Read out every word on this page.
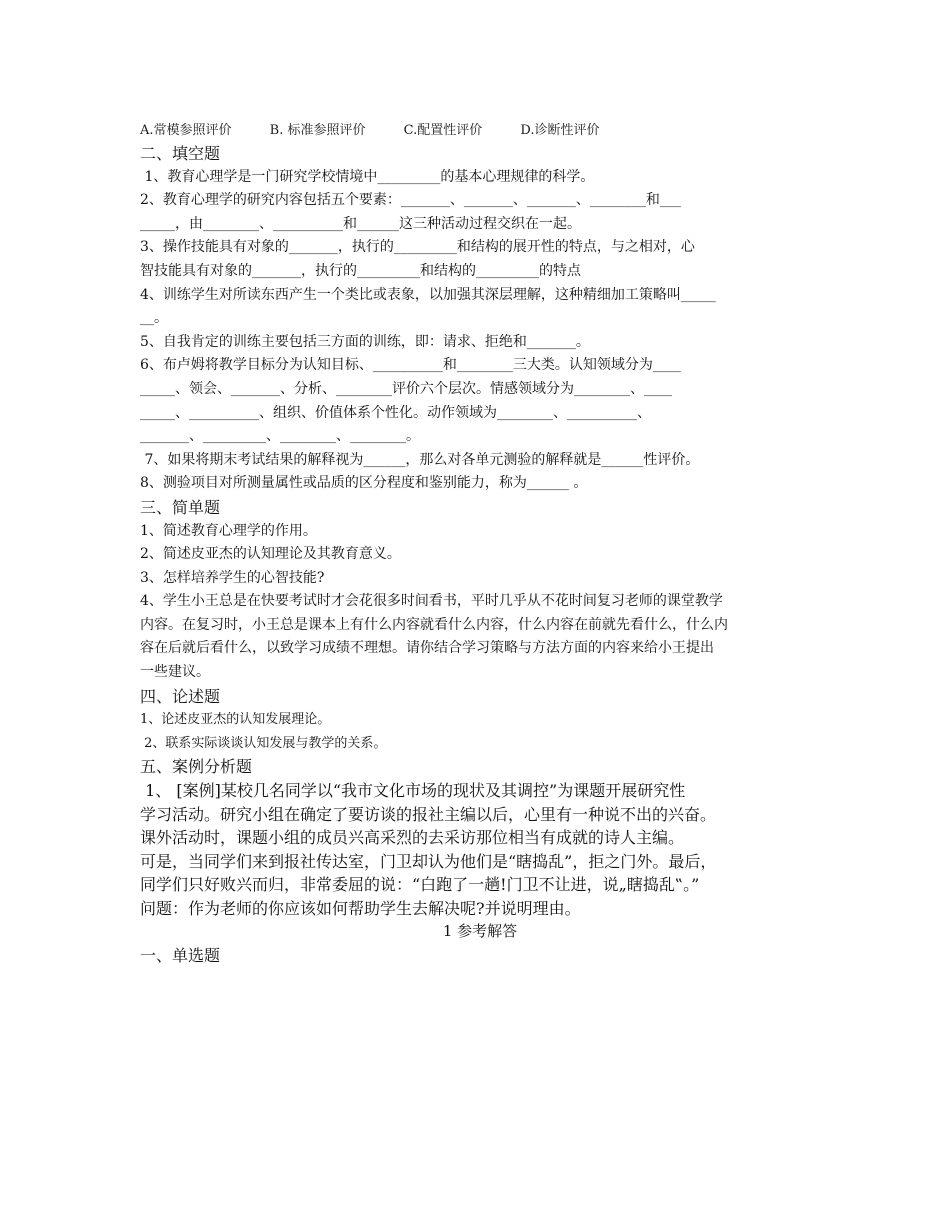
A.常模参照评价	B. 标准参照评价	C.配置性评价	D.诊断性评价

二、填空题

1、教育心理学是一门研究学校情境中_________的基本心理规律的科学。

2、教育心理学的研究内容包括五个要素：_______、_______、_______、________和___

_____，由________、__________和______这三种活动过程交织在一起。

3、操作技能具有对象的_______，执行的_________和结构的展开性的特点，与之相对，心

智技能具有对象的_______，执行的_________和结构的_________的特点

4、训练学生对所读东西产生一个类比或表象，以加强其深层理解，这种精细加工策略叫_____

__。

5、自我肯定的训练主要包括三方面的训练，即：请求、拒绝和_______。

6、布卢姆将教学目标分为认知目标、__________和________三大类。认知领域分为____

_____、领会、_______、分析、________评价六个层次。情感领域分为________、____

_____、__________、组织、价值体系个性化。动作领域为________、__________、

_______、_________、________、________。

7、如果将期末考试结果的解释视为______，那么对各单元测验的解释就是______性评价。

8、测验项目对所测量属性或品质的区分程度和鉴别能力，称为______ 。

三、简单题

1、简述教育心理学的作用。

2、简述皮亚杰的认知理论及其教育意义。

3、怎样培养学生的心智技能?

4、学生小王总是在快要考试时才会花很多时间看书，平时几乎从不花时间复习老师的课堂教学

内容。在复习时，小王总是课本上有什么内容就看什么内容，什么内容在前就先看什么，什么内

容在后就后看什么，以致学习成绩不理想。请你结合学习策略与方法方面的内容来给小王提出

一些建议。

四、论述题

1、论述皮亚杰的认知发展理论。

2、联系实际谈谈认知发展与教学的关系。

五、案例分析题

1、 [案例]某校几名同学以“我市文化市场的现状及其调控”为课题开展研究性

学习活动。研究小组在确定了要访谈的报社主编以后，心里有一种说不出的兴奋。

课外活动时，课题小组的成员兴高采烈的去采访那位相当有成就的诗人主编。

可是，当同学们来到报社传达室，门卫却认为他们是“瞎捣乱”，拒之门外。最后，

同学们只好败兴而归，非常委屈的说：“白跑了一趟!门卫不让进，说„瞎捣乱‟。”

问题：作为老师的你应该如何帮助学生去解决呢?并说明理由。

1 参考解答

一、单选题
